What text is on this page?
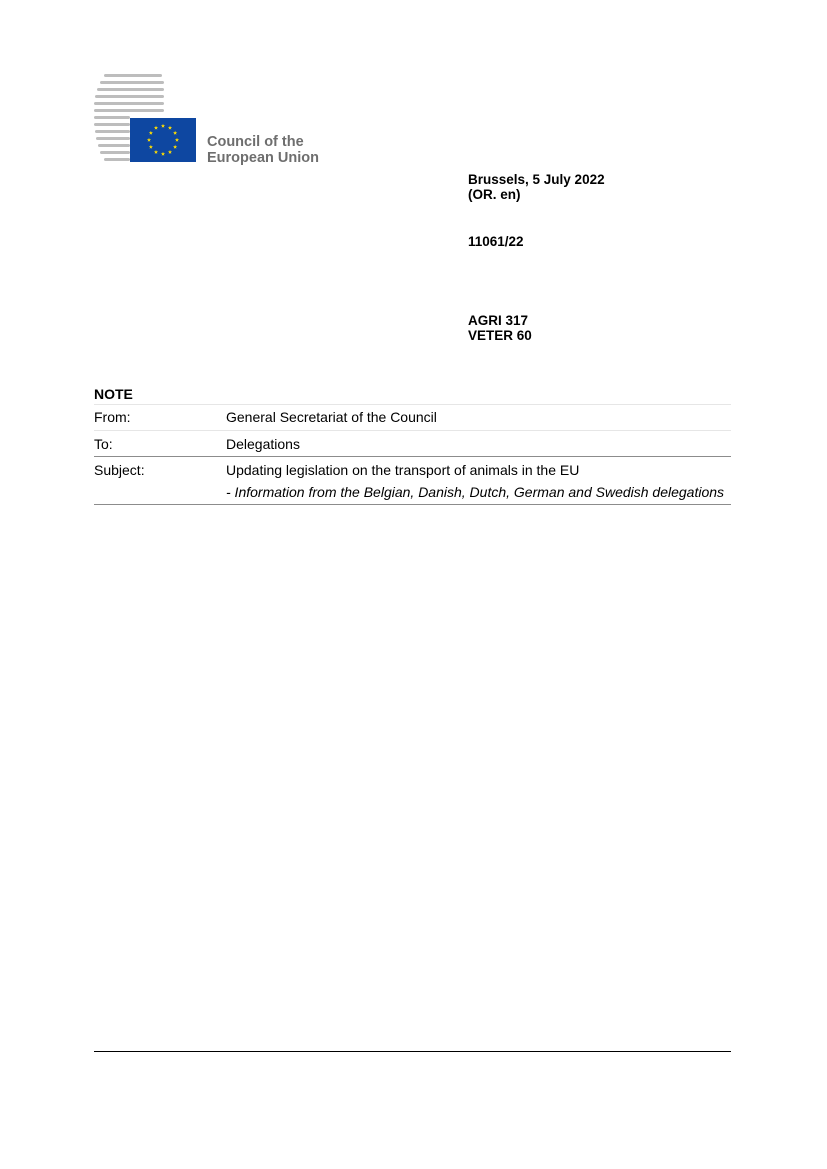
Council of the
European Union
Brussels, 5 July 2022
(OR. en)
11061/22
AGRI 317
VETER 60
NOTE
From:	General Secretariat of the Council
To:	Delegations
Subject:	Updating legislation on the transport of animals in the EU
- Information from the Belgian, Danish, Dutch, German and Swedish delegations
